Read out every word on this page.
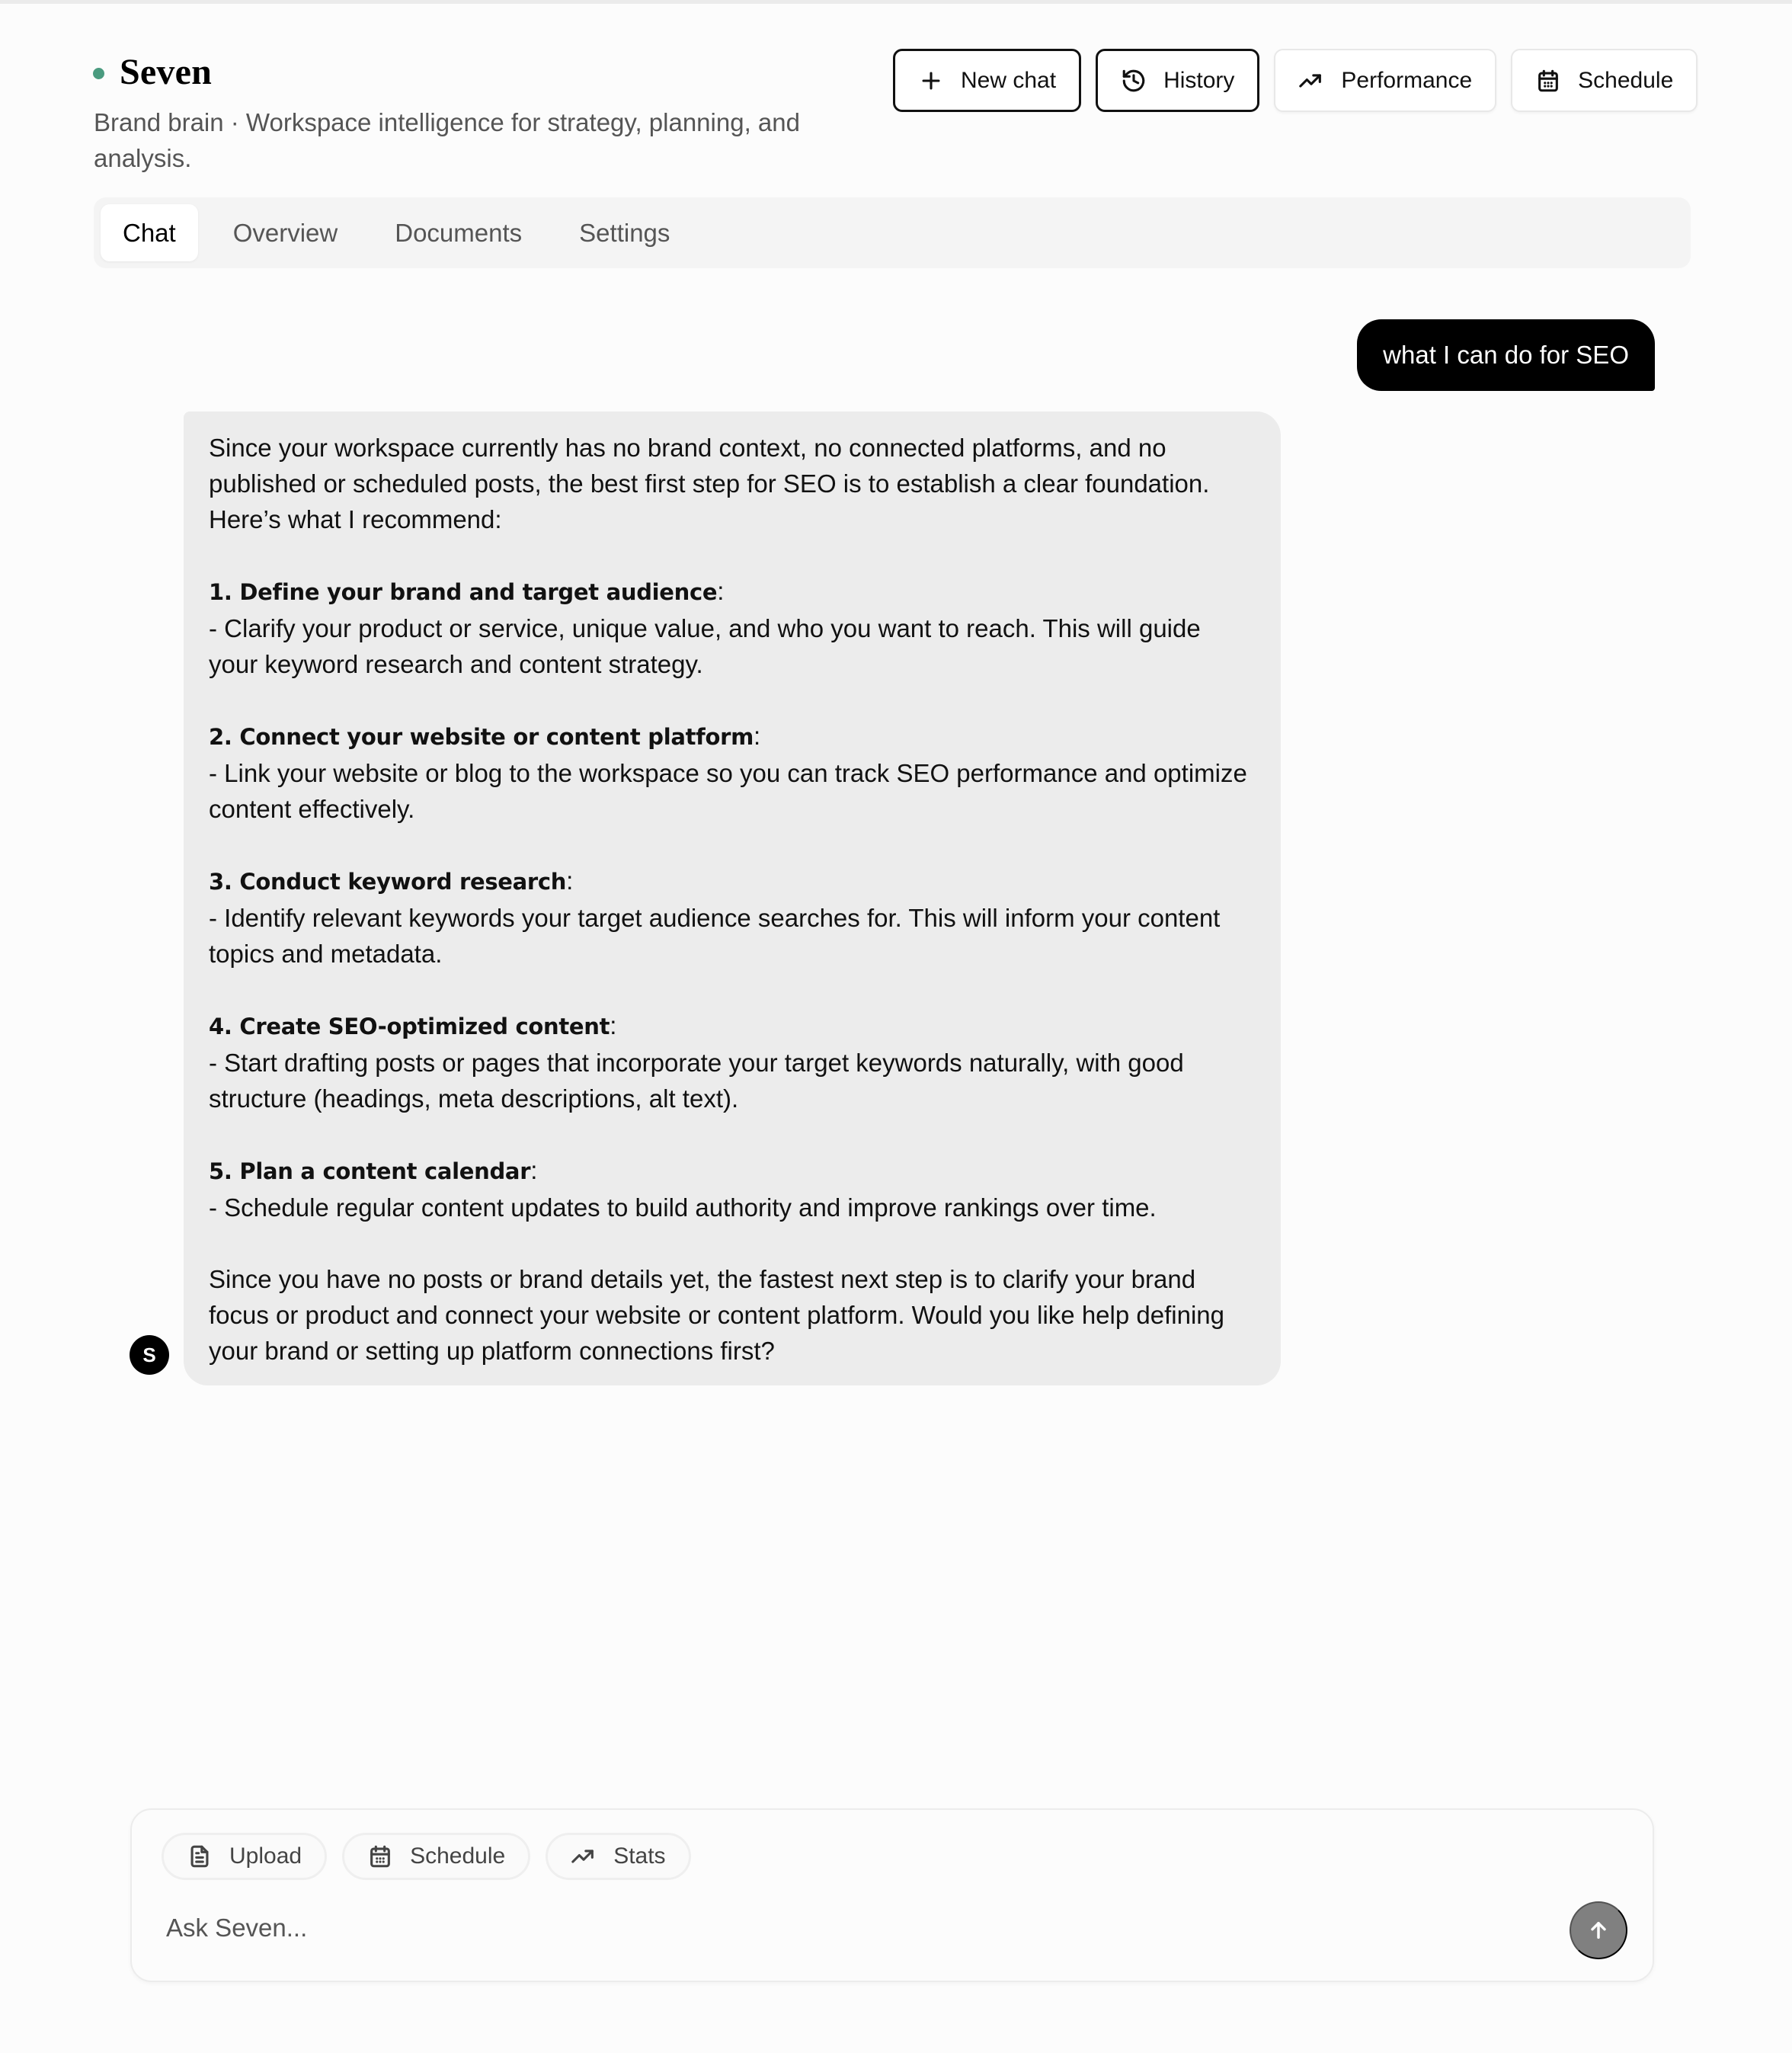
Seven
Brand brain · Workspace intelligence for strategy, planning, and analysis.
New chat	History	Performance	Schedule
Chat	Overview	Documents	Settings
what I can do for SEO
S

Since your workspace currently has no brand context, no connected platforms, and no published or scheduled posts, the best first step for SEO is to establish a clear foundation. Here’s what I recommend:

1. Define your brand and target audience:

- Clarify your product or service, unique value, and who you want to reach. This will guide your keyword research and content strategy.

2. Connect your website or content platform:

- Link your website or blog to the workspace so you can track SEO performance and optimize content effectively.

3. Conduct keyword research:

- Identify relevant keywords your target audience searches for. This will inform your content topics and metadata.

4. Create SEO-optimized content:

- Start drafting posts or pages that incorporate your target keywords naturally, with good structure (headings, meta descriptions, alt text).

5. Plan a content calendar:

- Schedule regular content updates to build authority and improve rankings over time.

Since you have no posts or brand details yet, the fastest next step is to clarify your brand focus or product and connect your website or content platform. Would you like help defining your brand or setting up platform connections first?

Upload	Schedule	Stats
Ask Seven...
